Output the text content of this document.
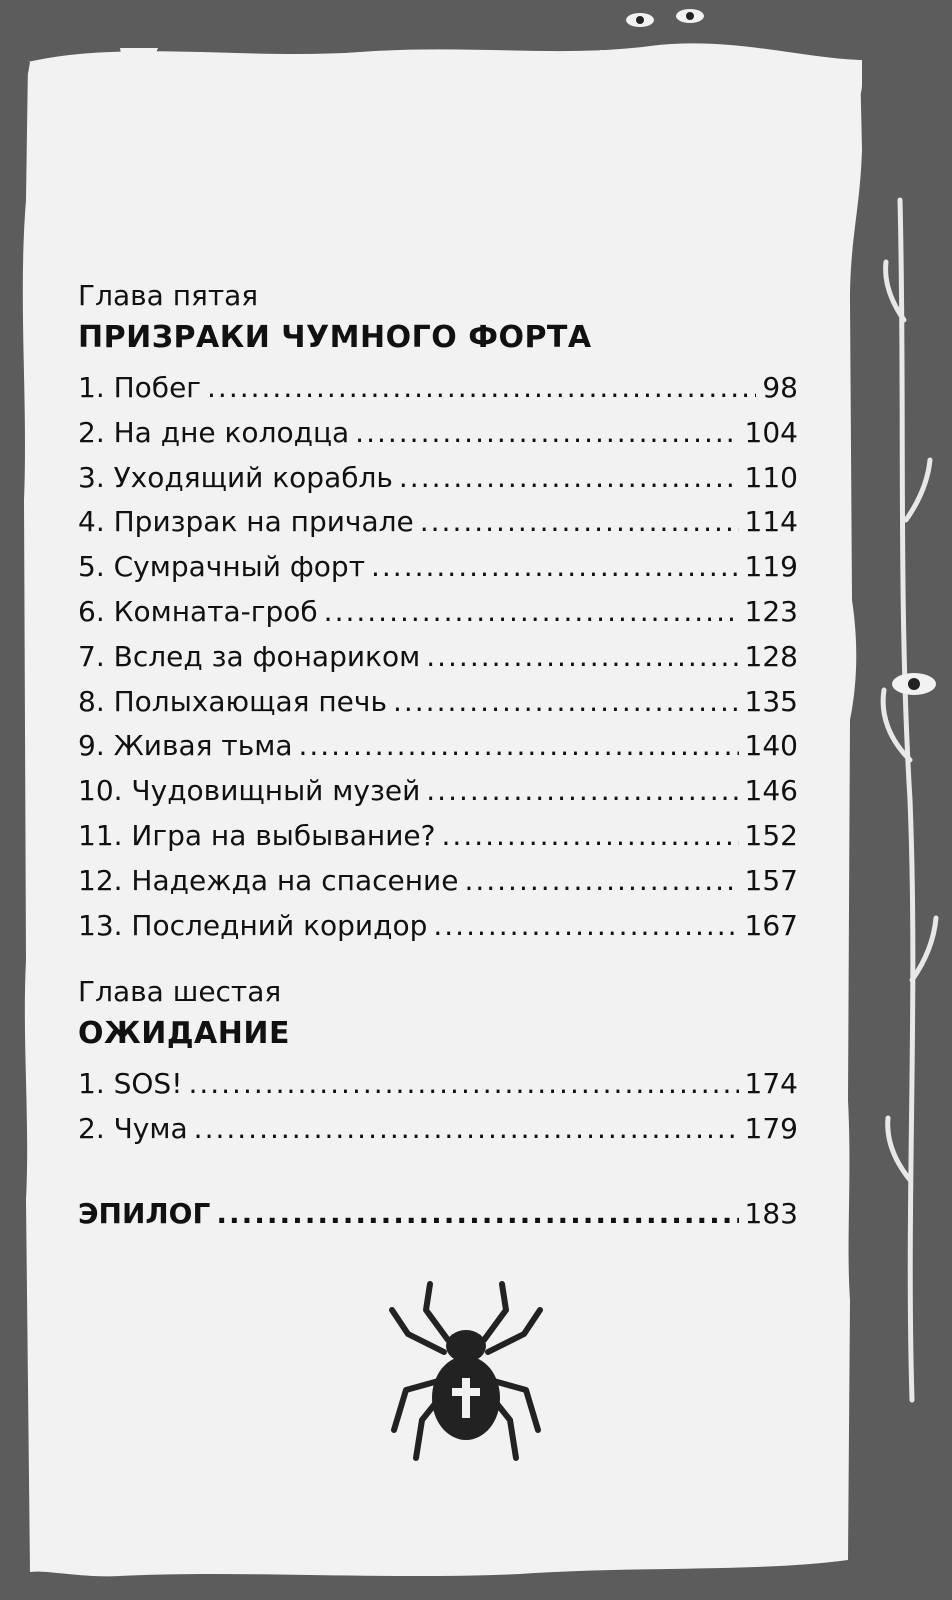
Глава пятая
ПРИЗРАКИ ЧУМНОГО ФОРТА
1. Побег .....	98
2. На дне колодца .....	104
3. Уходящий корабль .....	110
4. Призрак на причале .....	114
5. Сумрачный форт .....	119
6. Комната-гроб .....	123
7. Вслед за фонариком .....	128
8. Полыхающая печь .....	135
9. Живая тьма .....	140
10. Чудовищный музей .....	146
11. Игра на выбывание? .....	152
12. Надежда на спасение .....	157
13. Последний коридор .....	167
Глава шестая
ОЖИДАНИЕ
1. SOS! .....	174
2. Чума .....	179
ЭПИЛОГ .....	183
